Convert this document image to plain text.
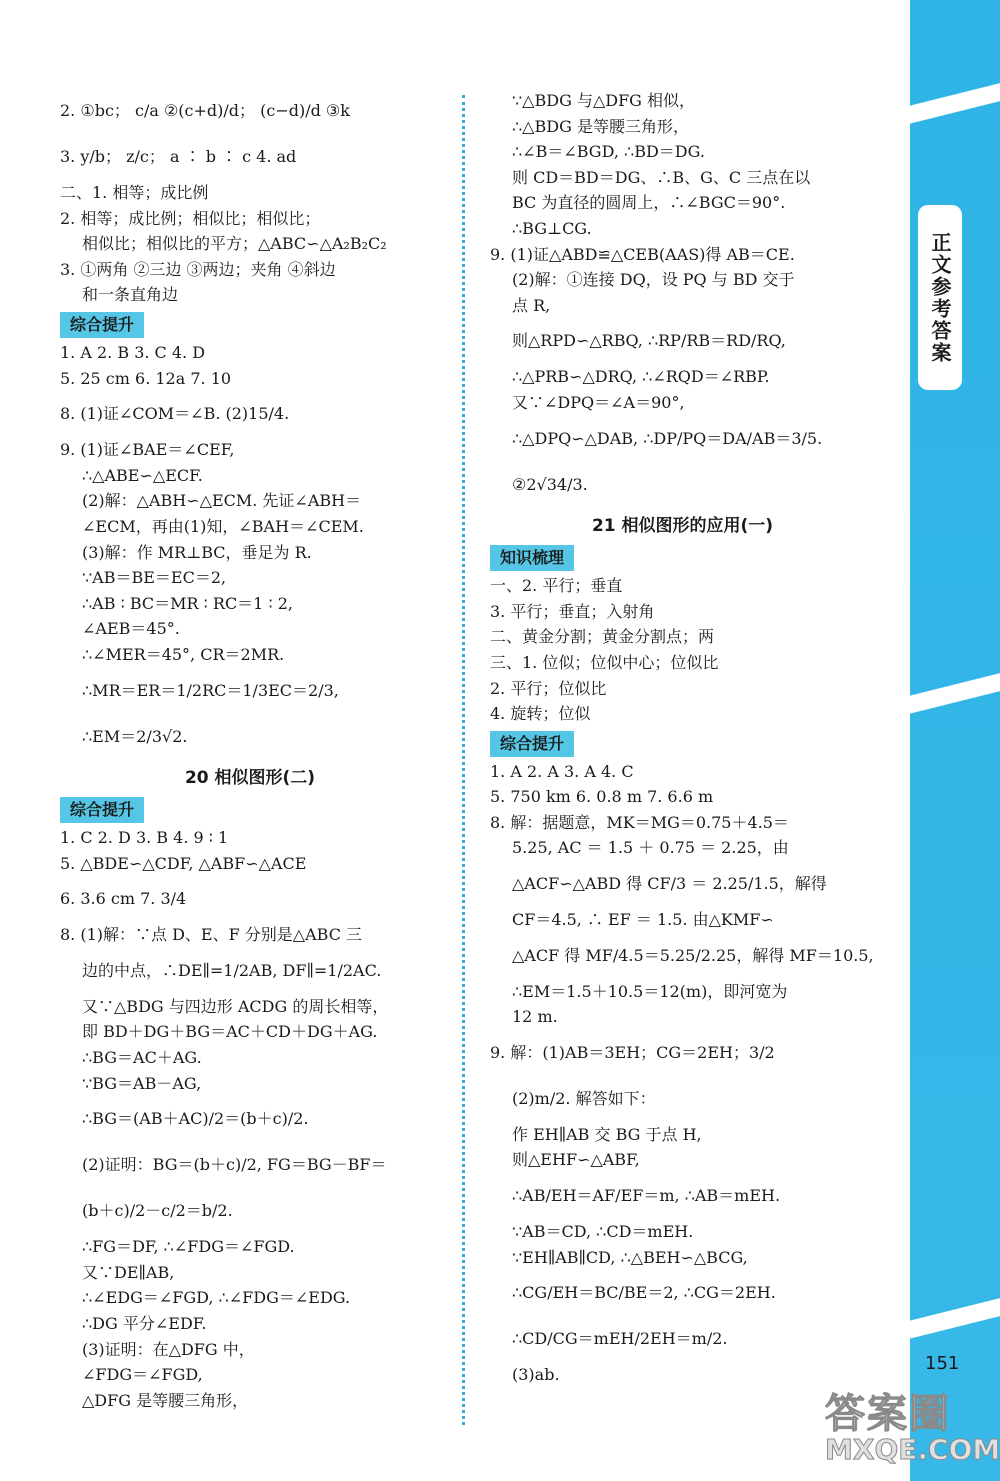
正文参考答案
2. ①bc； c/a ②(c+d)/d； (c−d)/d ③k
3. y/b； z/c； a ∶ b ∶ c 4. ad
二、1. 相等；成比例
2. 相等；成比例；相似比；相似比；
相似比；相似比的平方；△ABC∽△A₂B₂C₂
3. ①两角 ②三边 ③两边；夹角 ④斜边
和一条直角边
综合提升
1. A 2. B 3. C 4. D
5. 25 cm 6. 12a 7. 10
8. (1)证∠COM＝∠B. (2)15/4.
9. (1)证∠BAE＝∠CEF,
∴△ABE∽△ECF.
(2)解：△ABH∽△ECM. 先证∠ABH＝
∠ECM，再由(1)知，∠BAH＝∠CEM.
(3)解：作 MR⊥BC，垂足为 R.
∵AB＝BE＝EC＝2,
∴AB ∶ BC＝MR ∶ RC＝1 ∶ 2,
∠AEB＝45°.
∴∠MER＝45°, CR＝2MR.
∴MR＝ER＝1/2RC＝1/3EC＝2/3,
∴EM＝2/3√2.
20 相似图形(二)
综合提升
1. C 2. D 3. B 4. 9 ∶ 1
5. △BDE∽△CDF, △ABF∽△ACE
6. 3.6 cm 7. 3/4
8. (1)解：∵点 D、E、F 分别是△ABC 三
边的中点，∴DE∥=1/2AB, DF∥=1/2AC.
又∵△BDG 与四边形 ACDG 的周长相等，
即 BD＋DG＋BG＝AC＋CD＋DG＋AG.
∴BG＝AC＋AG.
∵BG＝AB－AG,
∴BG＝(AB＋AC)/2＝(b＋c)/2.
(2)证明：BG＝(b＋c)/2, FG＝BG－BF＝
(b＋c)/2－c/2＝b/2.
∴FG＝DF, ∴∠FDG＝∠FGD.
又∵DE∥AB,
∴∠EDG＝∠FGD, ∴∠FDG＝∠EDG.
∴DG 平分∠EDF.
(3)证明：在△DFG 中，
∠FDG＝∠FGD,
△DFG 是等腰三角形，
∵△BDG 与△DFG 相似，
∴△BDG 是等腰三角形，
∴∠B＝∠BGD, ∴BD＝DG.
则 CD＝BD＝DG、∴B、G、C 三点在以
BC 为直径的圆周上，∴∠BGC＝90°.
∴BG⊥CG.
9. (1)证△ABD≌△CEB(AAS)得 AB＝CE.
(2)解：①连接 DQ，设 PQ 与 BD 交于
点 R,
则△RPD∽△RBQ, ∴RP/RB＝RD/RQ,
∴△PRB∽△DRQ, ∴∠RQD＝∠RBP.
又∵∠DPQ＝∠A＝90°,
∴△DPQ∽△DAB, ∴DP/PQ＝DA/AB＝3/5.
②2√34/3.
21 相似图形的应用(一)
知识梳理
一、2. 平行；垂直
3. 平行；垂直；入射角
二、黄金分割；黄金分割点；两
三、1. 位似；位似中心；位似比
2. 平行；位似比
4. 旋转；位似
综合提升
1. A 2. A 3. A 4. C
5. 750 km 6. 0.8 m 7. 6.6 m
8. 解：据题意，MK＝MG＝0.75＋4.5＝
5.25, AC ＝ 1.5 ＋ 0.75 ＝ 2.25，由
△ACF∽△ABD 得 CF/3 ＝ 2.25/1.5，解得
CF＝4.5, ∴ EF ＝ 1.5. 由△KMF∽
△ACF 得 MF/4.5＝5.25/2.25，解得 MF＝10.5,
∴EM＝1.5＋10.5＝12(m)，即河宽为
12 m.
9. 解：(1)AB＝3EH；CG＝2EH；3/2
(2)m/2. 解答如下：
作 EH∥AB 交 BG 于点 H,
则△EHF∽△ABF,
∴AB/EH＝AF/EF＝m, ∴AB＝mEH.
∵AB＝CD, ∴CD＝mEH.
∵EH∥AB∥CD, ∴△BEH∽△BCG,
∴CG/EH＝BC/BE＝2, ∴CG＝2EH.
∴CD/CG＝mEH/2EH＝m/2.
(3)ab.
151
答案圈
MXQE.COM
